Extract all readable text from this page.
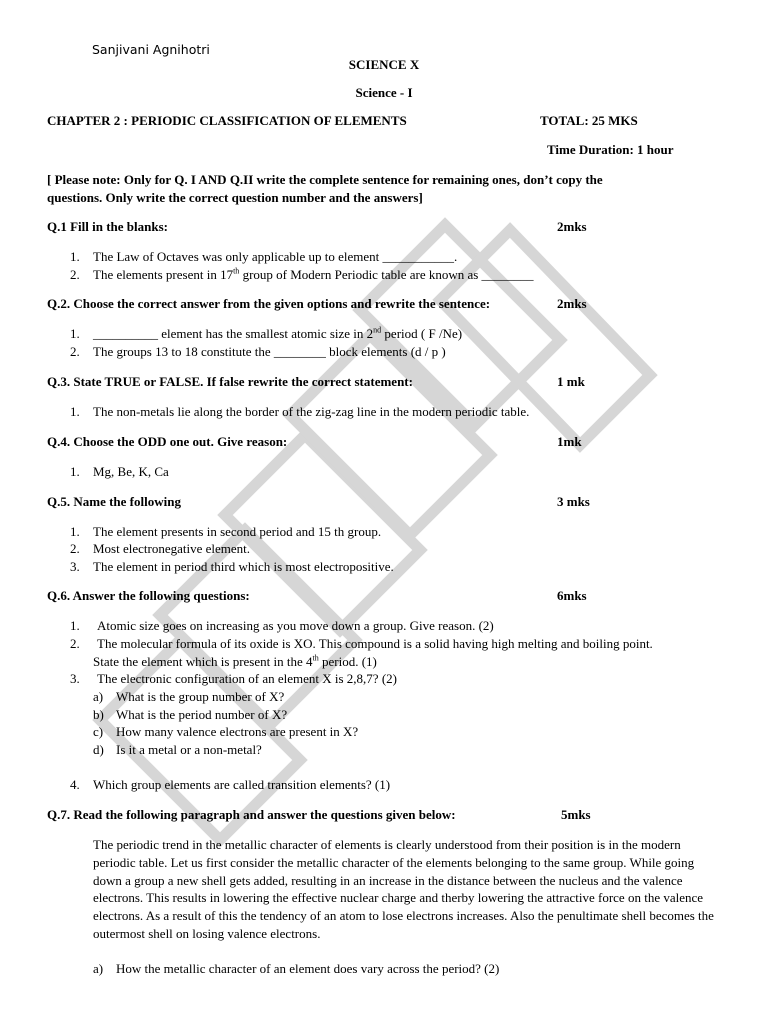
Sanjivani Agnihotri
SCIENCE X
Science - I
CHAPTER 2 : PERIODIC CLASSIFICATION OF ELEMENTS	TOTAL: 25 MKS
Time Duration: 1 hour
[ Please note: Only for Q. I AND Q.II write the complete sentence for remaining ones, don’t copy the
questions. Only write the correct question number and the answers]
Q.1 Fill in the blanks:	2mks
1. The Law of Octaves was only applicable up to element ___________.
2. The elements present in 17th group of Modern Periodic table are known as ________
Q.2. Choose the correct answer from the given options and rewrite the sentence:	2mks
1. __________ element has the smallest atomic size in 2nd period ( F /Ne)
2. The groups 13 to 18 constitute the ________ block elements (d / p )
Q.3. State TRUE or FALSE. If false rewrite the correct statement:	1 mk
1. The non-metals lie along the border of the zig-zag line in the modern periodic table.
Q.4. Choose the ODD one out. Give reason:	1mk
1. Mg, Be, K, Ca
Q.5. Name the following	3 mks
1. The element presents in second period and 15 th group.
2. Most electronegative element.
3. The element in period third which is most electropositive.
Q.6. Answer the following questions:	6mks
1. Atomic size goes on increasing as you move down a group. Give reason. (2)
2. The molecular formula of its oxide is XO. This compound is a solid having high melting and boiling point.
State the element which is present in the 4th period. (1)
3. The electronic configuration of an element X is 2,8,7? (2)
a) What is the group number of X?
b) What is the period number of X?
c) How many valence electrons are present in X?
d) Is it a metal or a non-metal?
4. Which group elements are called transition elements? (1)
Q.7. Read the following paragraph and answer the questions given below:	5mks
The periodic trend in the metallic character of elements is clearly understood from their position is in the modern periodic table. Let us first consider the metallic character of the elements belonging to the same group. While going down a group a new shell gets added, resulting in an increase in the distance between the nucleus and the valence electrons. This results in lowering the effective nuclear charge and therby lowering the attractive force on the valence electrons. As a result of this the tendency of an atom to lose electrons increases. Also the penultimate shell becomes the outermost shell on losing valence electrons.
a) How the metallic character of an element does vary across the period? (2)
